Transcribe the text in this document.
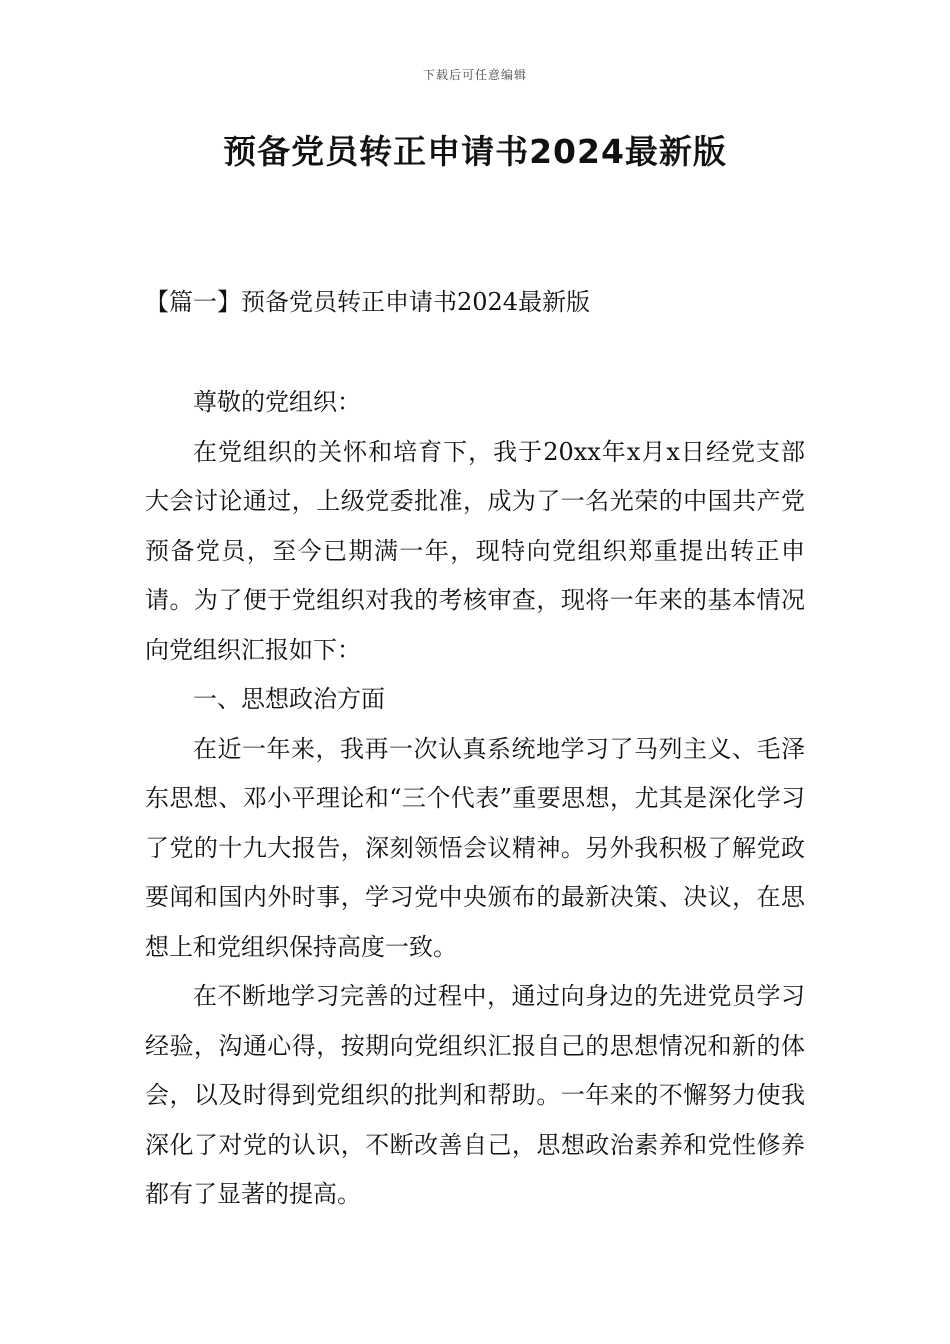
下载后可任意编辑
预备党员转正申请书2024最新版
【篇一】预备党员转正申请书2024最新版

尊敬的党组织：

在党组织的关怀和培育下，我于20xx年x月x日经党支部大会讨论通过，上级党委批准，成为了一名光荣的中国共产党预备党员，至今已期满一年，现特向党组织郑重提出转正申请。为了便于党组织对我的考核审查，现将一年来的基本情况向党组织汇报如下：

一、思想政治方面

在近一年来，我再一次认真系统地学习了马列主义、毛泽东思想、邓小平理论和“三个代表”重要思想，尤其是深化学习了党的十九大报告，深刻领悟会议精神。另外我积极了解党政要闻和国内外时事，学习党中央颁布的最新决策、决议，在思想上和党组织保持高度一致。

在不断地学习完善的过程中，通过向身边的先进党员学习经验，沟通心得，按期向党组织汇报自己的思想情况和新的体会，以及时得到党组织的批判和帮助。一年来的不懈努力使我深化了对党的认识，不断改善自己，思想政治素养和党性修养都有了显著的提高。
